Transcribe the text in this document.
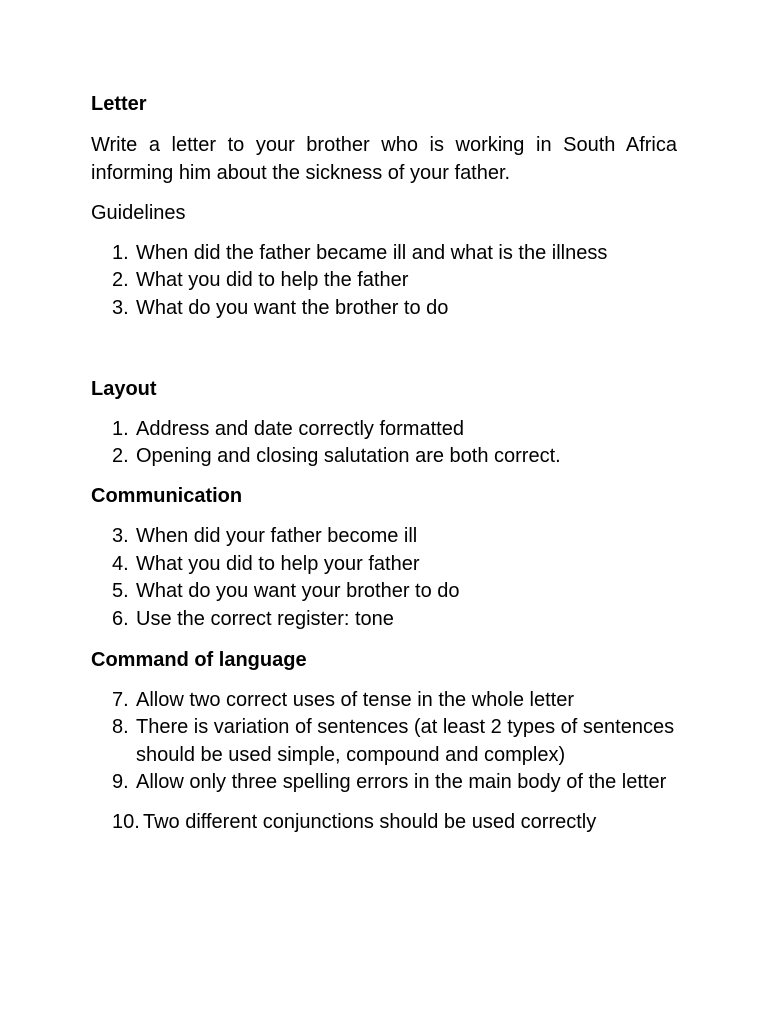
Letter
Write a letter to your brother who is working in South Africa informing him about the sickness of your father.
Guidelines
1. When did the father became ill and what is the illness
2. What you did to help the father
3. What do you want the brother to do
Layout
1. Address and date correctly formatted
2. Opening and closing salutation are both correct.
Communication
3. When did your father become ill
4. What you did to help your father
5. What do you want your brother to do
6. Use the correct register: tone
Command of language
7. Allow two correct uses of tense in the whole letter
8. There is variation of sentences (at least 2 types of sentences
should be used simple, compound and complex)
9. Allow only three spelling errors in the main body of the letter
10. Two different conjunctions should be used correctly
